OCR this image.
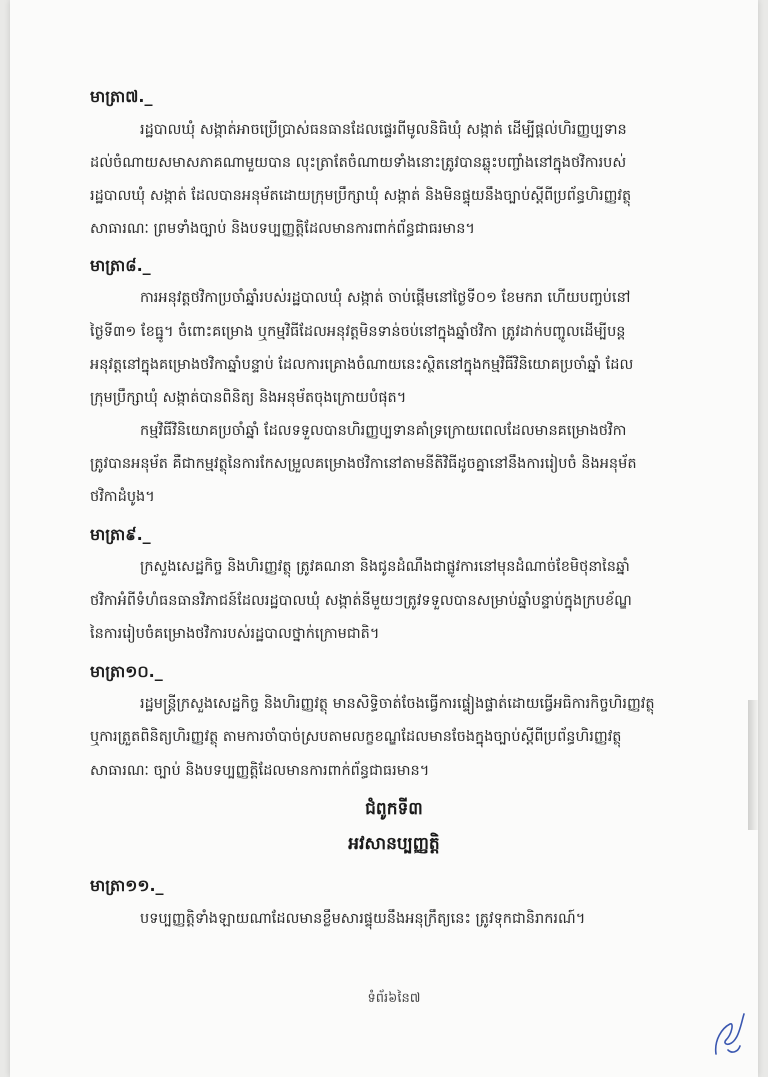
មាត្រា៧._
រដ្ឋបាលឃុំ សង្កាត់អាចប្រើប្រាស់ធនធានដែលផ្ទេរពីមូលនិធិឃុំ សង្កាត់ ដើម្បីផ្តល់ហិរញ្ញប្បទាន
ដល់ចំណាយសមាសភាគណាមួយបាន លុះត្រាតែចំណាយទាំងនោះត្រូវបានឆ្លុះបញ្ចាំងនៅក្នុងថវិការបស់
រដ្ឋបាលឃុំ សង្កាត់ ដែលបានអនុម័តដោយក្រុមប្រឹក្សាឃុំ សង្កាត់ និងមិនផ្ទុយនឹងច្បាប់ស្តីពីប្រព័ន្ធហិរញ្ញវត្ថុ
សាធារណៈ ព្រមទាំងច្បាប់ និងបទប្បញ្ញត្តិដែលមានការពាក់ព័ន្ធជាធរមាន។
មាត្រា៨._
ការអនុវត្តថវិកាប្រចាំឆ្នាំរបស់រដ្ឋបាលឃុំ សង្កាត់ ចាប់ផ្តើមនៅថ្ងៃទី០១ ខែមករា ហើយបញ្ចប់នៅ
ថ្ងៃទី៣១ ខែធ្នូ។ ចំពោះគម្រោង ឬកម្មវិធីដែលអនុវត្តមិនទាន់ចប់នៅក្នុងឆ្នាំថវិកា ត្រូវដាក់បញ្ចូលដើម្បីបន្ត
អនុវត្តនៅក្នុងគម្រោងថវិកាឆ្នាំបន្ទាប់ ដែលការគ្រោងចំណាយនេះស្ថិតនៅក្នុងកម្មវិធីវិនិយោគប្រចាំឆ្នាំ ដែល
ក្រុមប្រឹក្សាឃុំ សង្កាត់បានពិនិត្យ និងអនុម័តចុងក្រោយបំផុត។
កម្មវិធីវិនិយោគប្រចាំឆ្នាំ ដែលទទួលបានហិរញ្ញប្បទានគាំទ្រក្រោយពេលដែលមានគម្រោងថវិកា
ត្រូវបានអនុម័ត គឺជាកម្មវត្ថុនៃការកែសម្រួលគម្រោងថវិកានៅតាមនីតិវិធីដូចគ្នានៅនឹងការរៀបចំ និងអនុម័ត
ថវិកាដំបូង។
មាត្រា៩._
ក្រសួងសេដ្ឋកិច្ច និងហិរញ្ញវត្ថុ ត្រូវគណនា និងជូនដំណឹងជាផ្លូវការនៅមុនដំណាច់ខែមិថុនានៃឆ្នាំ
ថវិកាអំពីទំហំធនធានវិភាជន៍ដែលរដ្ឋបាលឃុំ សង្កាត់នីមួយៗត្រូវទទួលបានសម្រាប់ឆ្នាំបន្ទាប់ក្នុងក្របខ័ណ្ឌ
នៃការរៀបចំគម្រោងថវិការបស់រដ្ឋបាលថ្នាក់ក្រោមជាតិ។
មាត្រា១០._
រដ្ឋមន្ត្រីក្រសួងសេដ្ឋកិច្ច និងហិរញ្ញវត្ថុ មានសិទ្ធិចាត់ចែងធ្វើការផ្ទៀងផ្ទាត់ដោយធ្វើអធិការកិច្ចហិរញ្ញវត្ថុ
ឬការត្រួតពិនិត្យហិរញ្ញវត្ថុ តាមការចាំបាច់ស្របតាមលក្ខខណ្ឌដែលមានចែងក្នុងច្បាប់ស្តីពីប្រព័ន្ធហិរញ្ញវត្ថុ
សាធារណៈ ច្បាប់ និងបទប្បញ្ញត្តិដែលមានការពាក់ព័ន្ធជាធរមាន។
ជំពូកទី៣
អវសានប្បញ្ញត្តិ
មាត្រា១១._
បទប្បញ្ញត្តិទាំងឡាយណាដែលមានខ្លឹមសារផ្ទុយនឹងអនុក្រឹត្យនេះ ត្រូវទុកជានិរាករណ៍។
ទំព័រ៦នៃ៧
